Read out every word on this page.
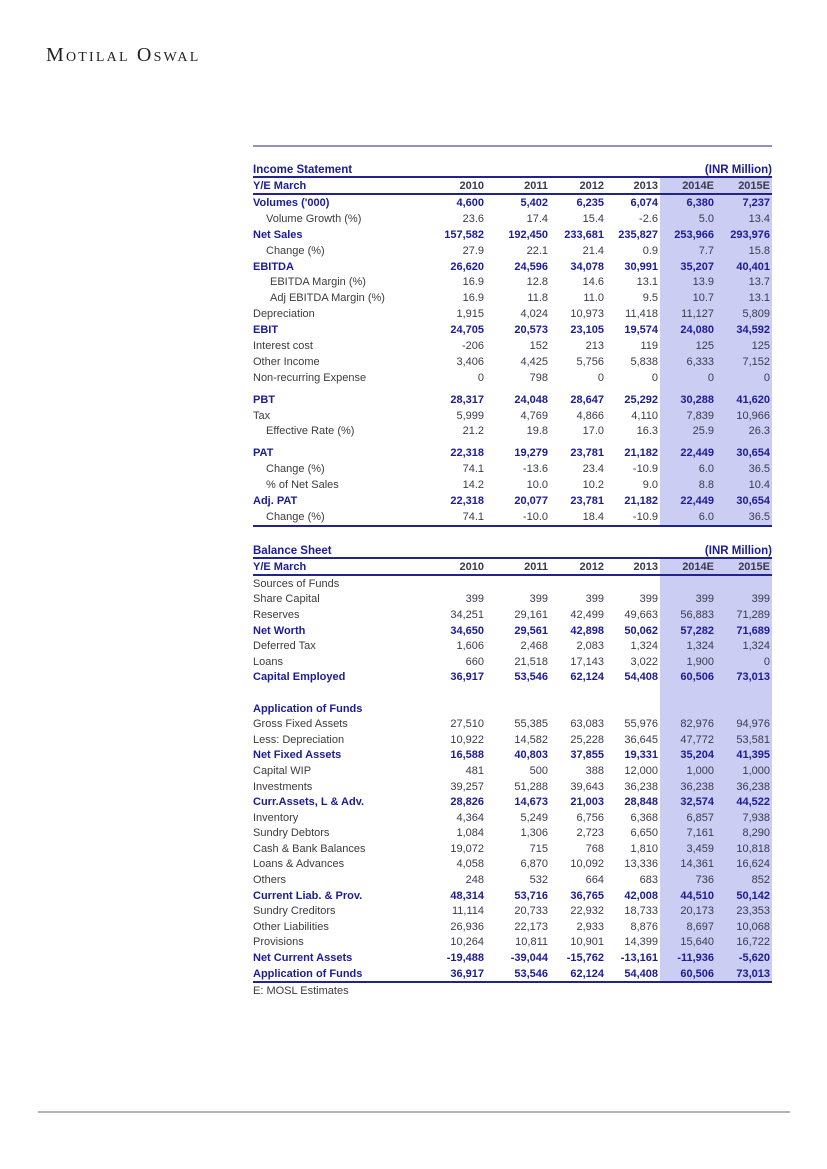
Motilal Oswal
Income Statement	(INR Million)
Y/E March	2010	2011	2012	2013	2014E	2015E
Volumes ('000)	4,600	5,402	6,235	6,074	6,380	7,237
Volume Growth (%)	23.6	17.4	15.4	-2.6	5.0	13.4
Net Sales	157,582	192,450	233,681	235,827	253,966	293,976
Change (%)	27.9	22.1	21.4	0.9	7.7	15.8
EBITDA	26,620	24,596	34,078	30,991	35,207	40,401
EBITDA Margin (%)	16.9	12.8	14.6	13.1	13.9	13.7
Adj EBITDA Margin (%)	16.9	11.8	11.0	9.5	10.7	13.1
Depreciation	1,915	4,024	10,973	11,418	11,127	5,809
EBIT	24,705	20,573	23,105	19,574	24,080	34,592
Interest cost	-206	152	213	119	125	125
Other Income	3,406	4,425	5,756	5,838	6,333	7,152
Non-recurring Expense	0	798	0	0	0	0
PBT	28,317	24,048	28,647	25,292	30,288	41,620
Tax	5,999	4,769	4,866	4,110	7,839	10,966
Effective Rate (%)	21.2	19.8	17.0	16.3	25.9	26.3
PAT	22,318	19,279	23,781	21,182	22,449	30,654
Change (%)	74.1	-13.6	23.4	-10.9	6.0	36.5
% of Net Sales	14.2	10.0	10.2	9.0	8.8	10.4
Adj. PAT	22,318	20,077	23,781	21,182	22,449	30,654
Change (%)	74.1	-10.0	18.4	-10.9	6.0	36.5
Balance Sheet	(INR Million)
Y/E March	2010	2011	2012	2013	2014E	2015E
Sources of Funds
Share Capital	399	399	399	399	399	399
Reserves	34,251	29,161	42,499	49,663	56,883	71,289
Net Worth	34,650	29,561	42,898	50,062	57,282	71,689
Deferred Tax	1,606	2,468	2,083	1,324	1,324	1,324
Loans	660	21,518	17,143	3,022	1,900	0
Capital Employed	36,917	53,546	62,124	54,408	60,506	73,013
Application of Funds
Gross Fixed Assets	27,510	55,385	63,083	55,976	82,976	94,976
Less: Depreciation	10,922	14,582	25,228	36,645	47,772	53,581
Net Fixed Assets	16,588	40,803	37,855	19,331	35,204	41,395
Capital WIP	481	500	388	12,000	1,000	1,000
Investments	39,257	51,288	39,643	36,238	36,238	36,238
Curr.Assets, L & Adv.	28,826	14,673	21,003	28,848	32,574	44,522
Inventory	4,364	5,249	6,756	6,368	6,857	7,938
Sundry Debtors	1,084	1,306	2,723	6,650	7,161	8,290
Cash & Bank Balances	19,072	715	768	1,810	3,459	10,818
Loans & Advances	4,058	6,870	10,092	13,336	14,361	16,624
Others	248	532	664	683	736	852
Current Liab. & Prov.	48,314	53,716	36,765	42,008	44,510	50,142
Sundry Creditors	11,114	20,733	22,932	18,733	20,173	23,353
Other Liabilities	26,936	22,173	2,933	8,876	8,697	10,068
Provisions	10,264	10,811	10,901	14,399	15,640	16,722
Net Current Assets	-19,488	-39,044	-15,762	-13,161	-11,936	-5,620
Application of Funds	36,917	53,546	62,124	54,408	60,506	73,013
E: MOSL Estimates
